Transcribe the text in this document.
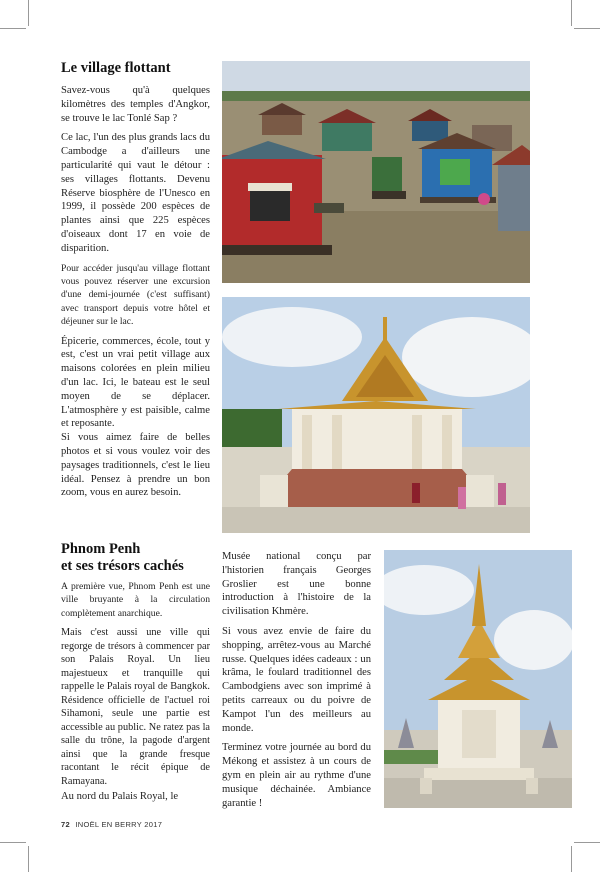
Le village flottant

Savez-vous qu'à quelques kilomètres des temples d'Angkor, se trouve le lac Tonlé Sap ?

Ce lac, l'un des plus grands lacs du Cambodge a d'ailleurs une particularité qui vaut le détour : ses villages flottants. Devenu Réserve biosphère de l'Unesco en 1999, il possède 200 espèces de plantes ainsi que 225 espèces d'oiseaux dont 17 en voie de disparition.

Pour accéder jusqu'au village flottant vous pouvez réserver une excursion d'une demi-journée (c'est suffisant) avec transport depuis votre hôtel et déjeuner sur le lac.

Épicerie, commerces, école, tout y est, c'est un vrai petit village aux maisons colorées en plein milieu d'un lac. Ici, le bateau est le seul moyen de se déplacer. L'atmosphère y est paisible, calme et reposante.

Si vous aimez faire de belles photos et si vous voulez voir des paysages traditionnels, c'est le lieu idéal. Pensez à prendre un bon zoom, vous en aurez besoin.

Phnom Penh
et ses trésors cachés

A première vue, Phnom Penh est une ville bruyante à la circulation complètement anarchique.

Mais c'est aussi une ville qui regorge de trésors à commencer par son Palais Royal. Un lieu majestueux et tranquille qui rappelle le Palais royal de Bangkok. Résidence officielle de l'actuel roi Sihamoni, seule une partie est accessible au public. Ne ratez pas la salle du trône, la pagode d'argent ainsi que la grande fresque racontant le récit épique de Ramayana.

Au nord du Palais Royal, le

Musée national conçu par l'historien français Georges Groslier est une bonne introduction à l'histoire de la civilisation Khmère.

Si vous avez envie de faire du shopping, arrêtez-vous au Marché russe. Quelques idées cadeaux : un krâma, le foulard traditionnel des Cambodgiens avec son imprimé à petits carreaux ou du poivre de Kampot l'un des meilleurs au monde.

Terminez votre journée au bord du Mékong et assistez à un cours de gym en plein air au rythme d'une musique déchainée. Ambiance garantie !

72 INOËL EN BERRY 2017
